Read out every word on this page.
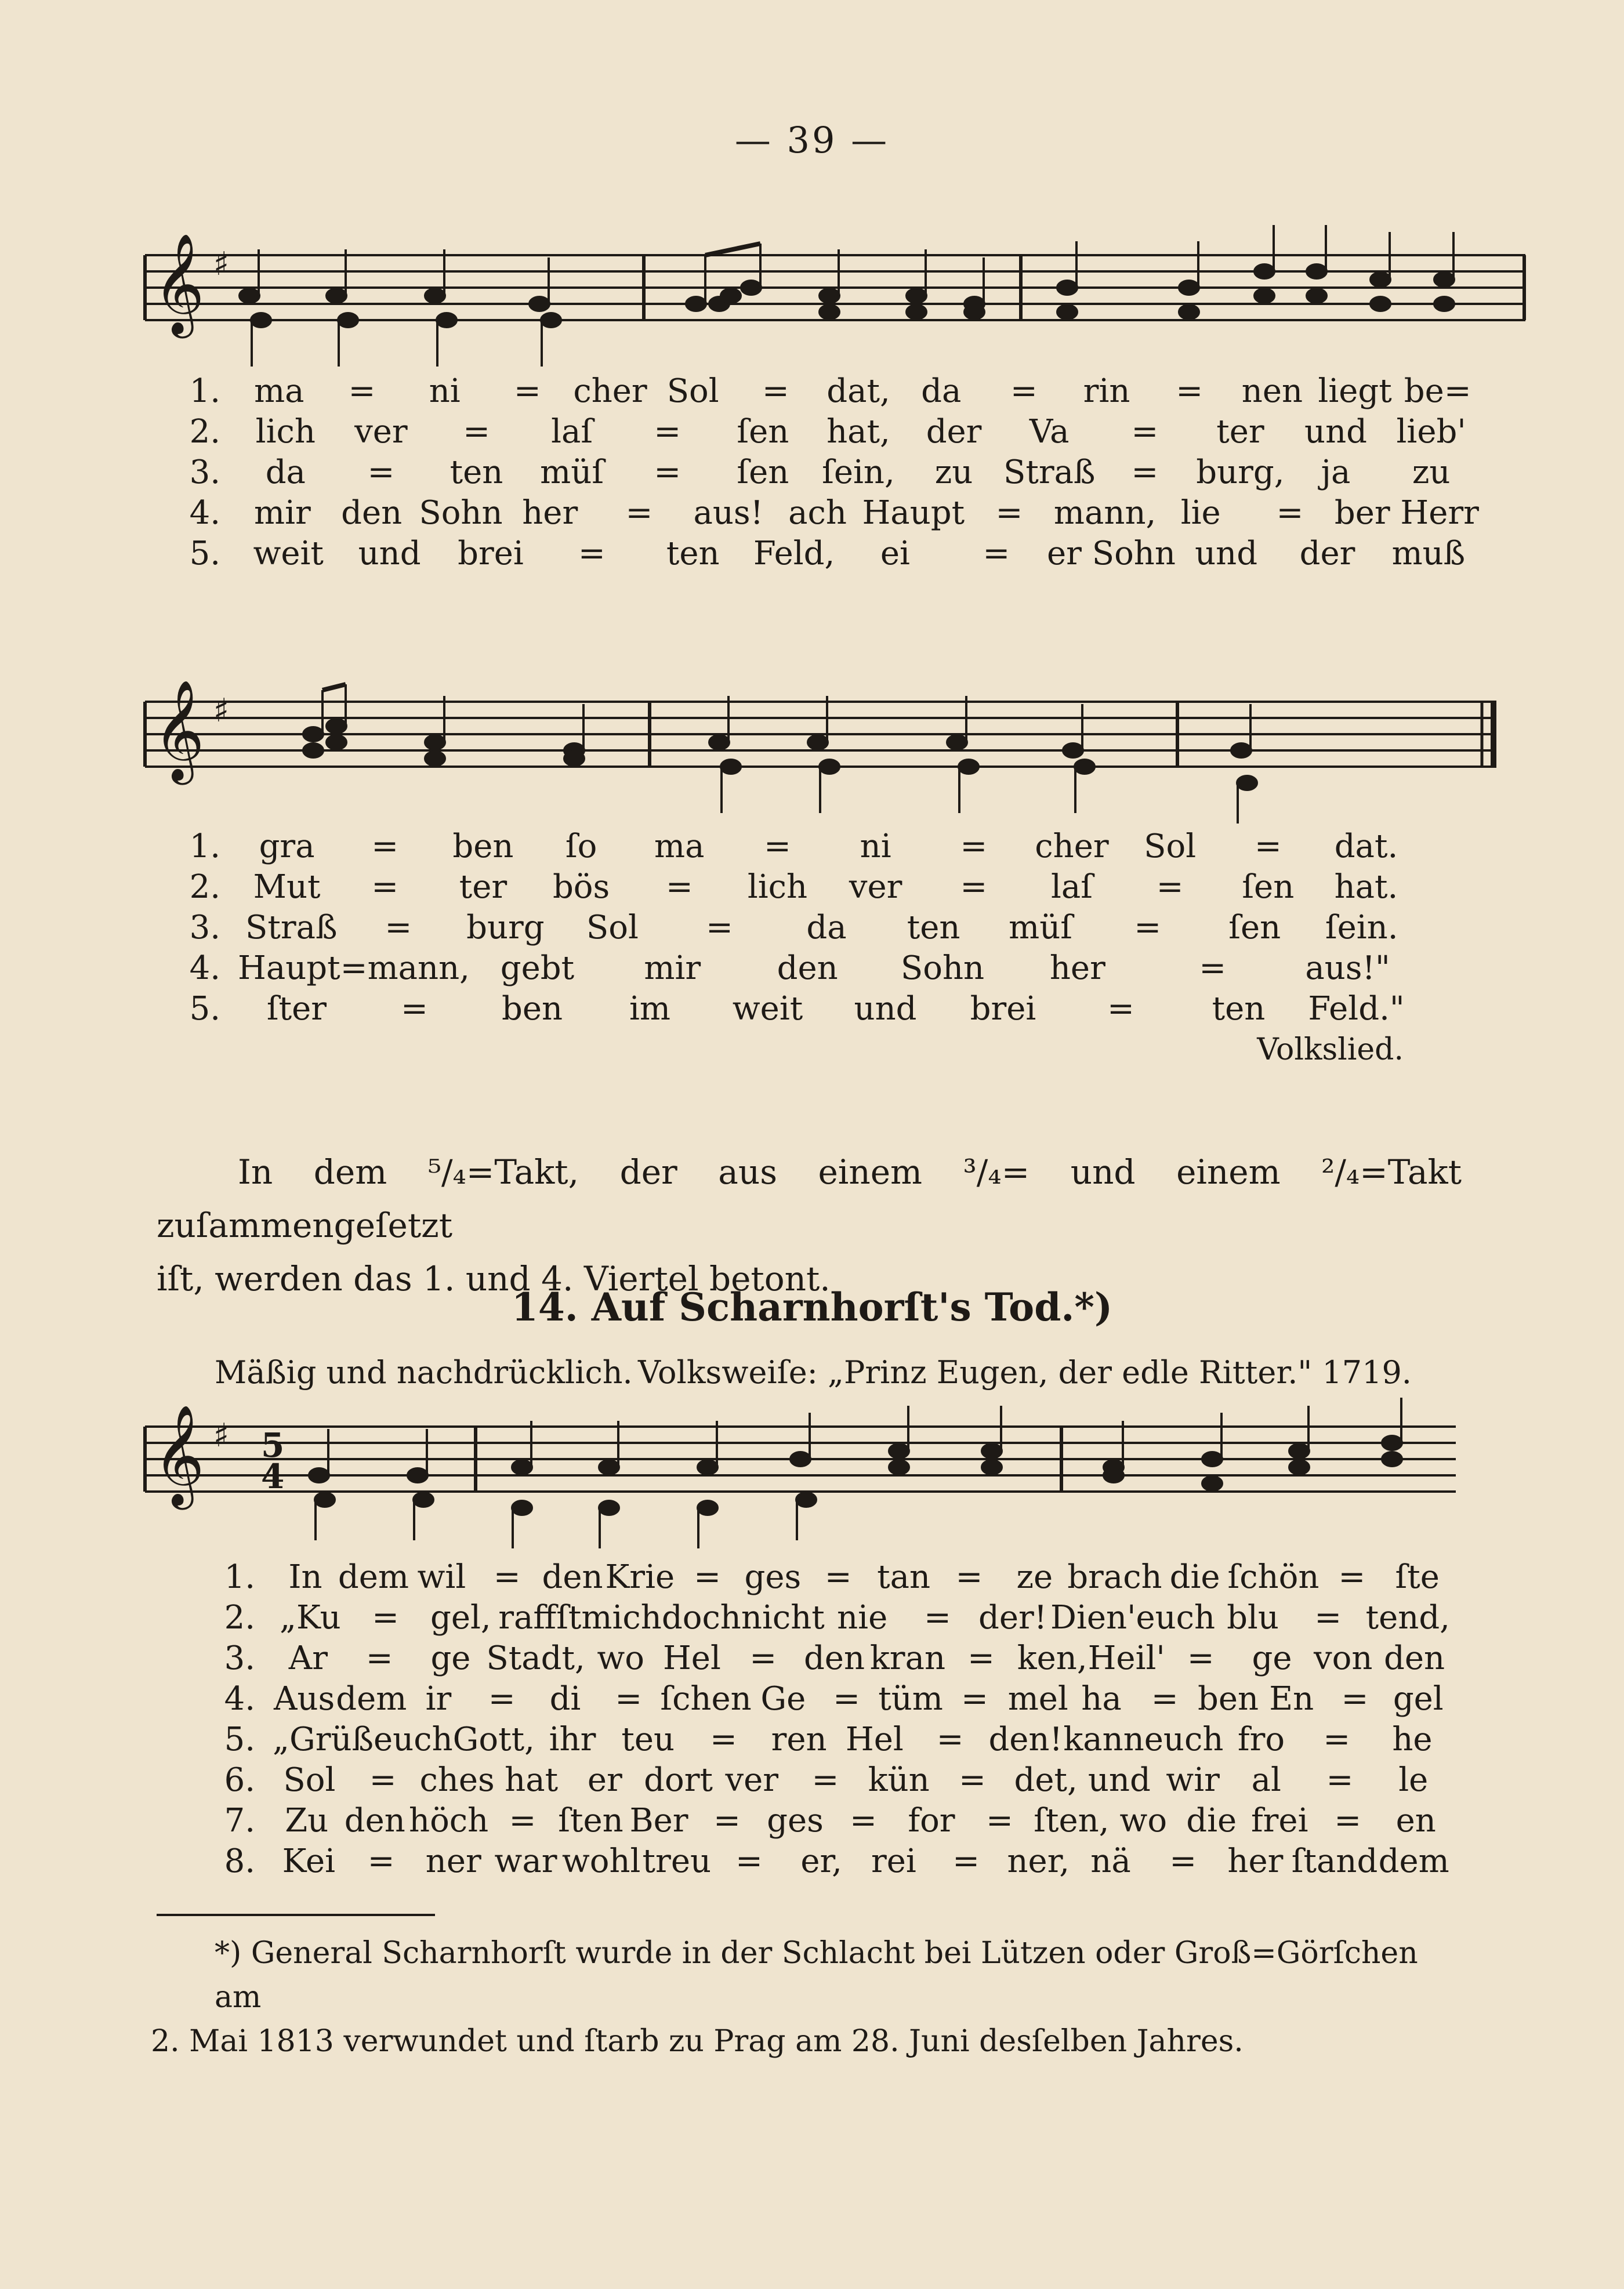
— 39 —
𝄞 ♯
1.	ma	=	ni	= cher Sol	=	dat, da	=	rin	=	nen liegt be=
2.	lich	ver	=	laſ	=	ſen	hat,	der	Va	=	ter	und lieb'
3.	da	=	ten	müſ	=	ſen	ſein,	zu Straß	=	burg,	ja	zu
4.	mir den Sohn her	=	aus! ach Haupt = mann, lie	= ber Herr
5.	weit	und	brei	=	ten	Feld,	ei	=	er Sohn und	der	muß
𝄞 ♯
1.	gra	=	ben	ſo	ma	=	ni	=	cher	Sol	=	dat.
2.	Mut	=	ter	bös	=	lich	ver	=	laſ	=	ſen	hat.
3. Straß	=	burg	Sol	=	da	ten	müſ	=	ſen	ſein.
4. Haupt=mann, gebt	mir	den	Sohn	her	=	aus!"
5.	ſter	=	ben	im	weit	und	brei	=	ten	Feld."
Volkslied.
In dem ⁵/₄=Takt, der aus einem ³/₄= und einem ²/₄=Takt zuſammengeſetzt
iſt, werden das 1. und 4. Viertel betont.
14. Auf Scharnhorſt's Tod.*)
Mäßig und nachdrücklich. Volksweiſe: „Prinz Eugen, der edle Ritter." 1719.
𝄞 ♯ 5
4
1.	In dem wil = den Krie = ges = tan =	ze brach die ſchön = ſte
2. „Ku = gel, raffſt mich doch nicht nie	= der! Dien' euch blu	= tend,
3.	Ar	=	ge Stadt, wo Hel = den kran = ken, Heil' =	ge von den
4. Aus dem ir	=	di	= ſchen Ge = tüm = mel ha = ben En = gel
5. „Grüß euch Gott, ihr teu	=	ren Hel	= den! kann euch fro	=	he
6. Sol	= ches hat er dort ver	= kün = det, und wir al	=	le
7. Zu den höch = ſten Ber = ges = for = ſten, wo die frei =	en
8. Kei = ner war wohl treu =	er, rei	= ner, nä	= her ſtand dem
*) General Scharnhorſt wurde in der Schlacht bei Lützen oder Groß=Görſchen am
2. Mai 1813 verwundet und ſtarb zu Prag am 28. Juni desſelben Jahres.
